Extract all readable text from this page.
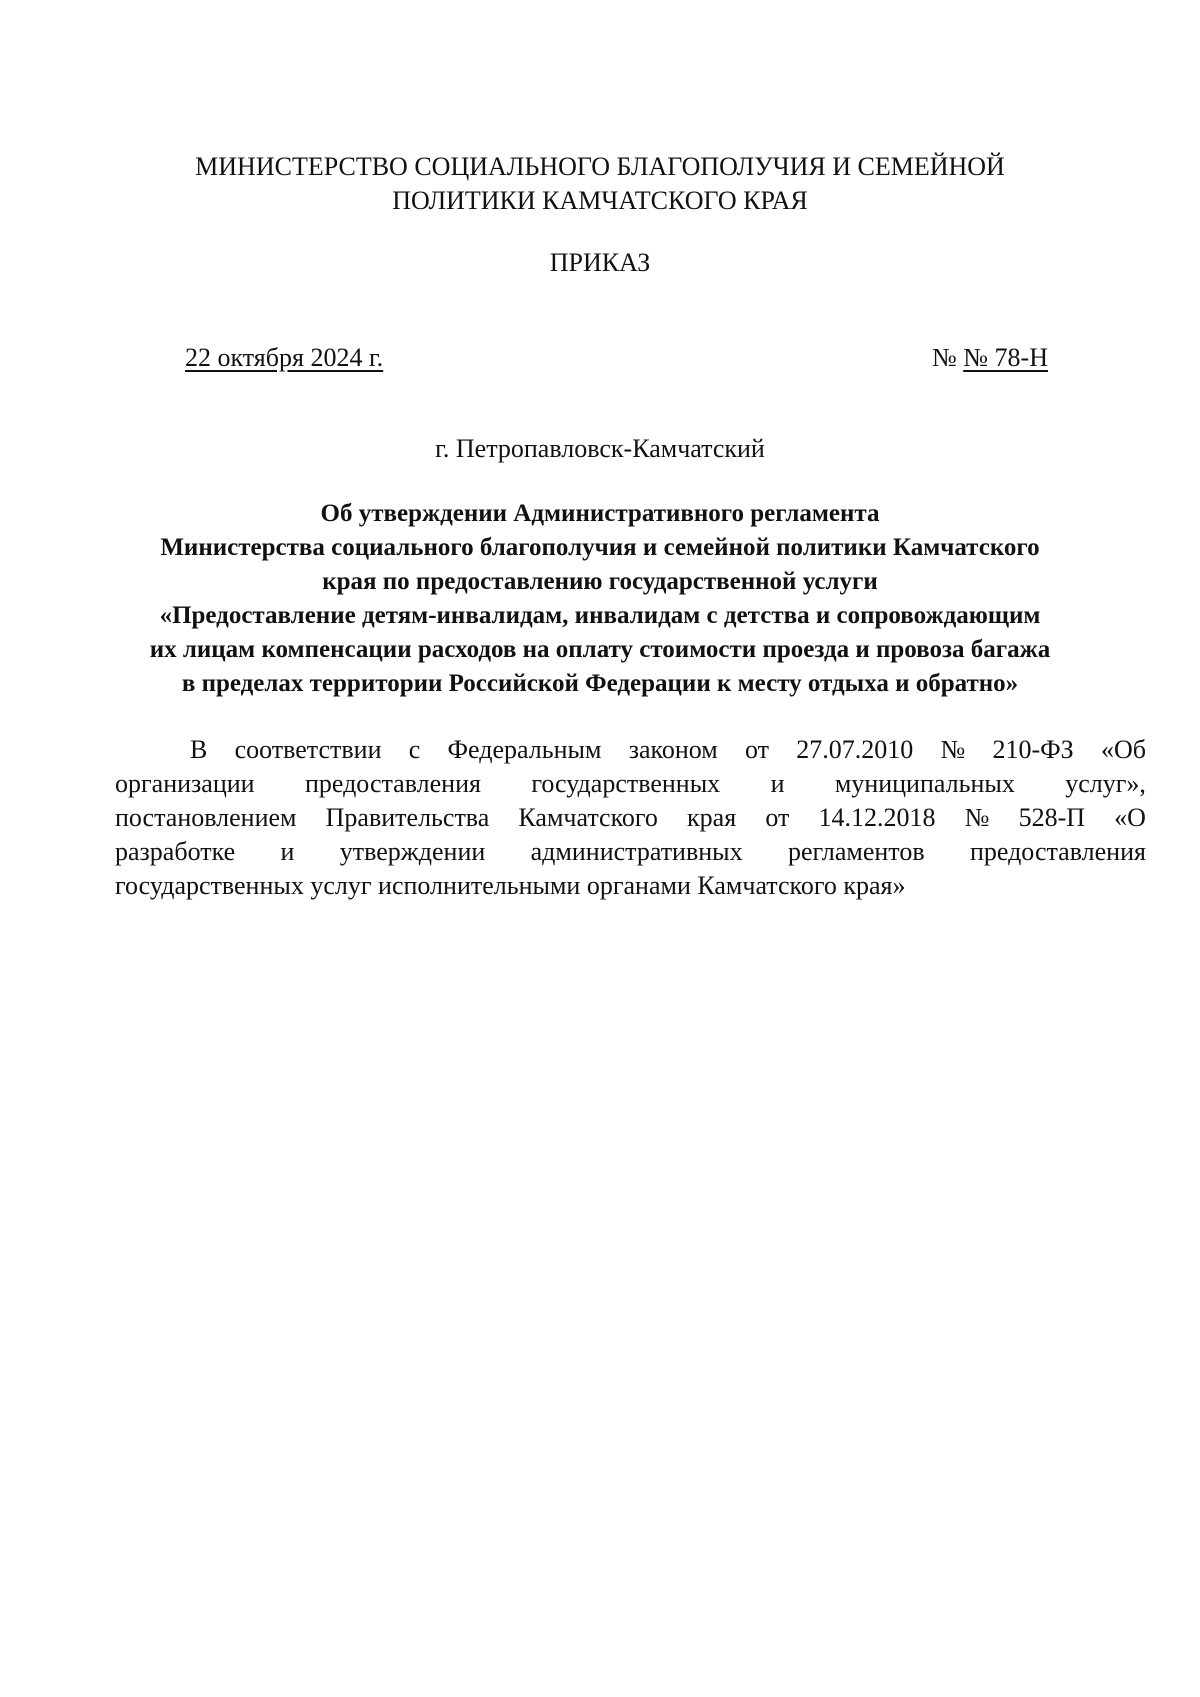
МИНИСТЕРСТВО СОЦИАЛЬНОГО БЛАГОПОЛУЧИЯ И СЕМЕЙНОЙ
ПОЛИТИКИ КАМЧАТСКОГО КРАЯ
ПРИКАЗ
22 октября 2024 г.	№ № 78-Н
г. Петропавловск-Камчатский
Об утверждении Административного регламента
Министерства социального благополучия и семейной политики Камчатского
края по предоставлению государственной услуги
«Предоставление детям-инвалидам, инвалидам с детства и сопровождающим
их лицам компенсации расходов на оплату стоимости проезда и провоза багажа
в пределах территории Российской Федерации к месту отдыха и обратно»
В соответствии с Федеральным законом от 27.07.2010 № 210-ФЗ «Об
организации предоставления государственных и муниципальных услуг»,
постановлением Правительства Камчатского края от 14.12.2018 № 528-П «О
разработке и утверждении административных регламентов предоставления
государственных услуг исполнительными органами Камчатского края»
